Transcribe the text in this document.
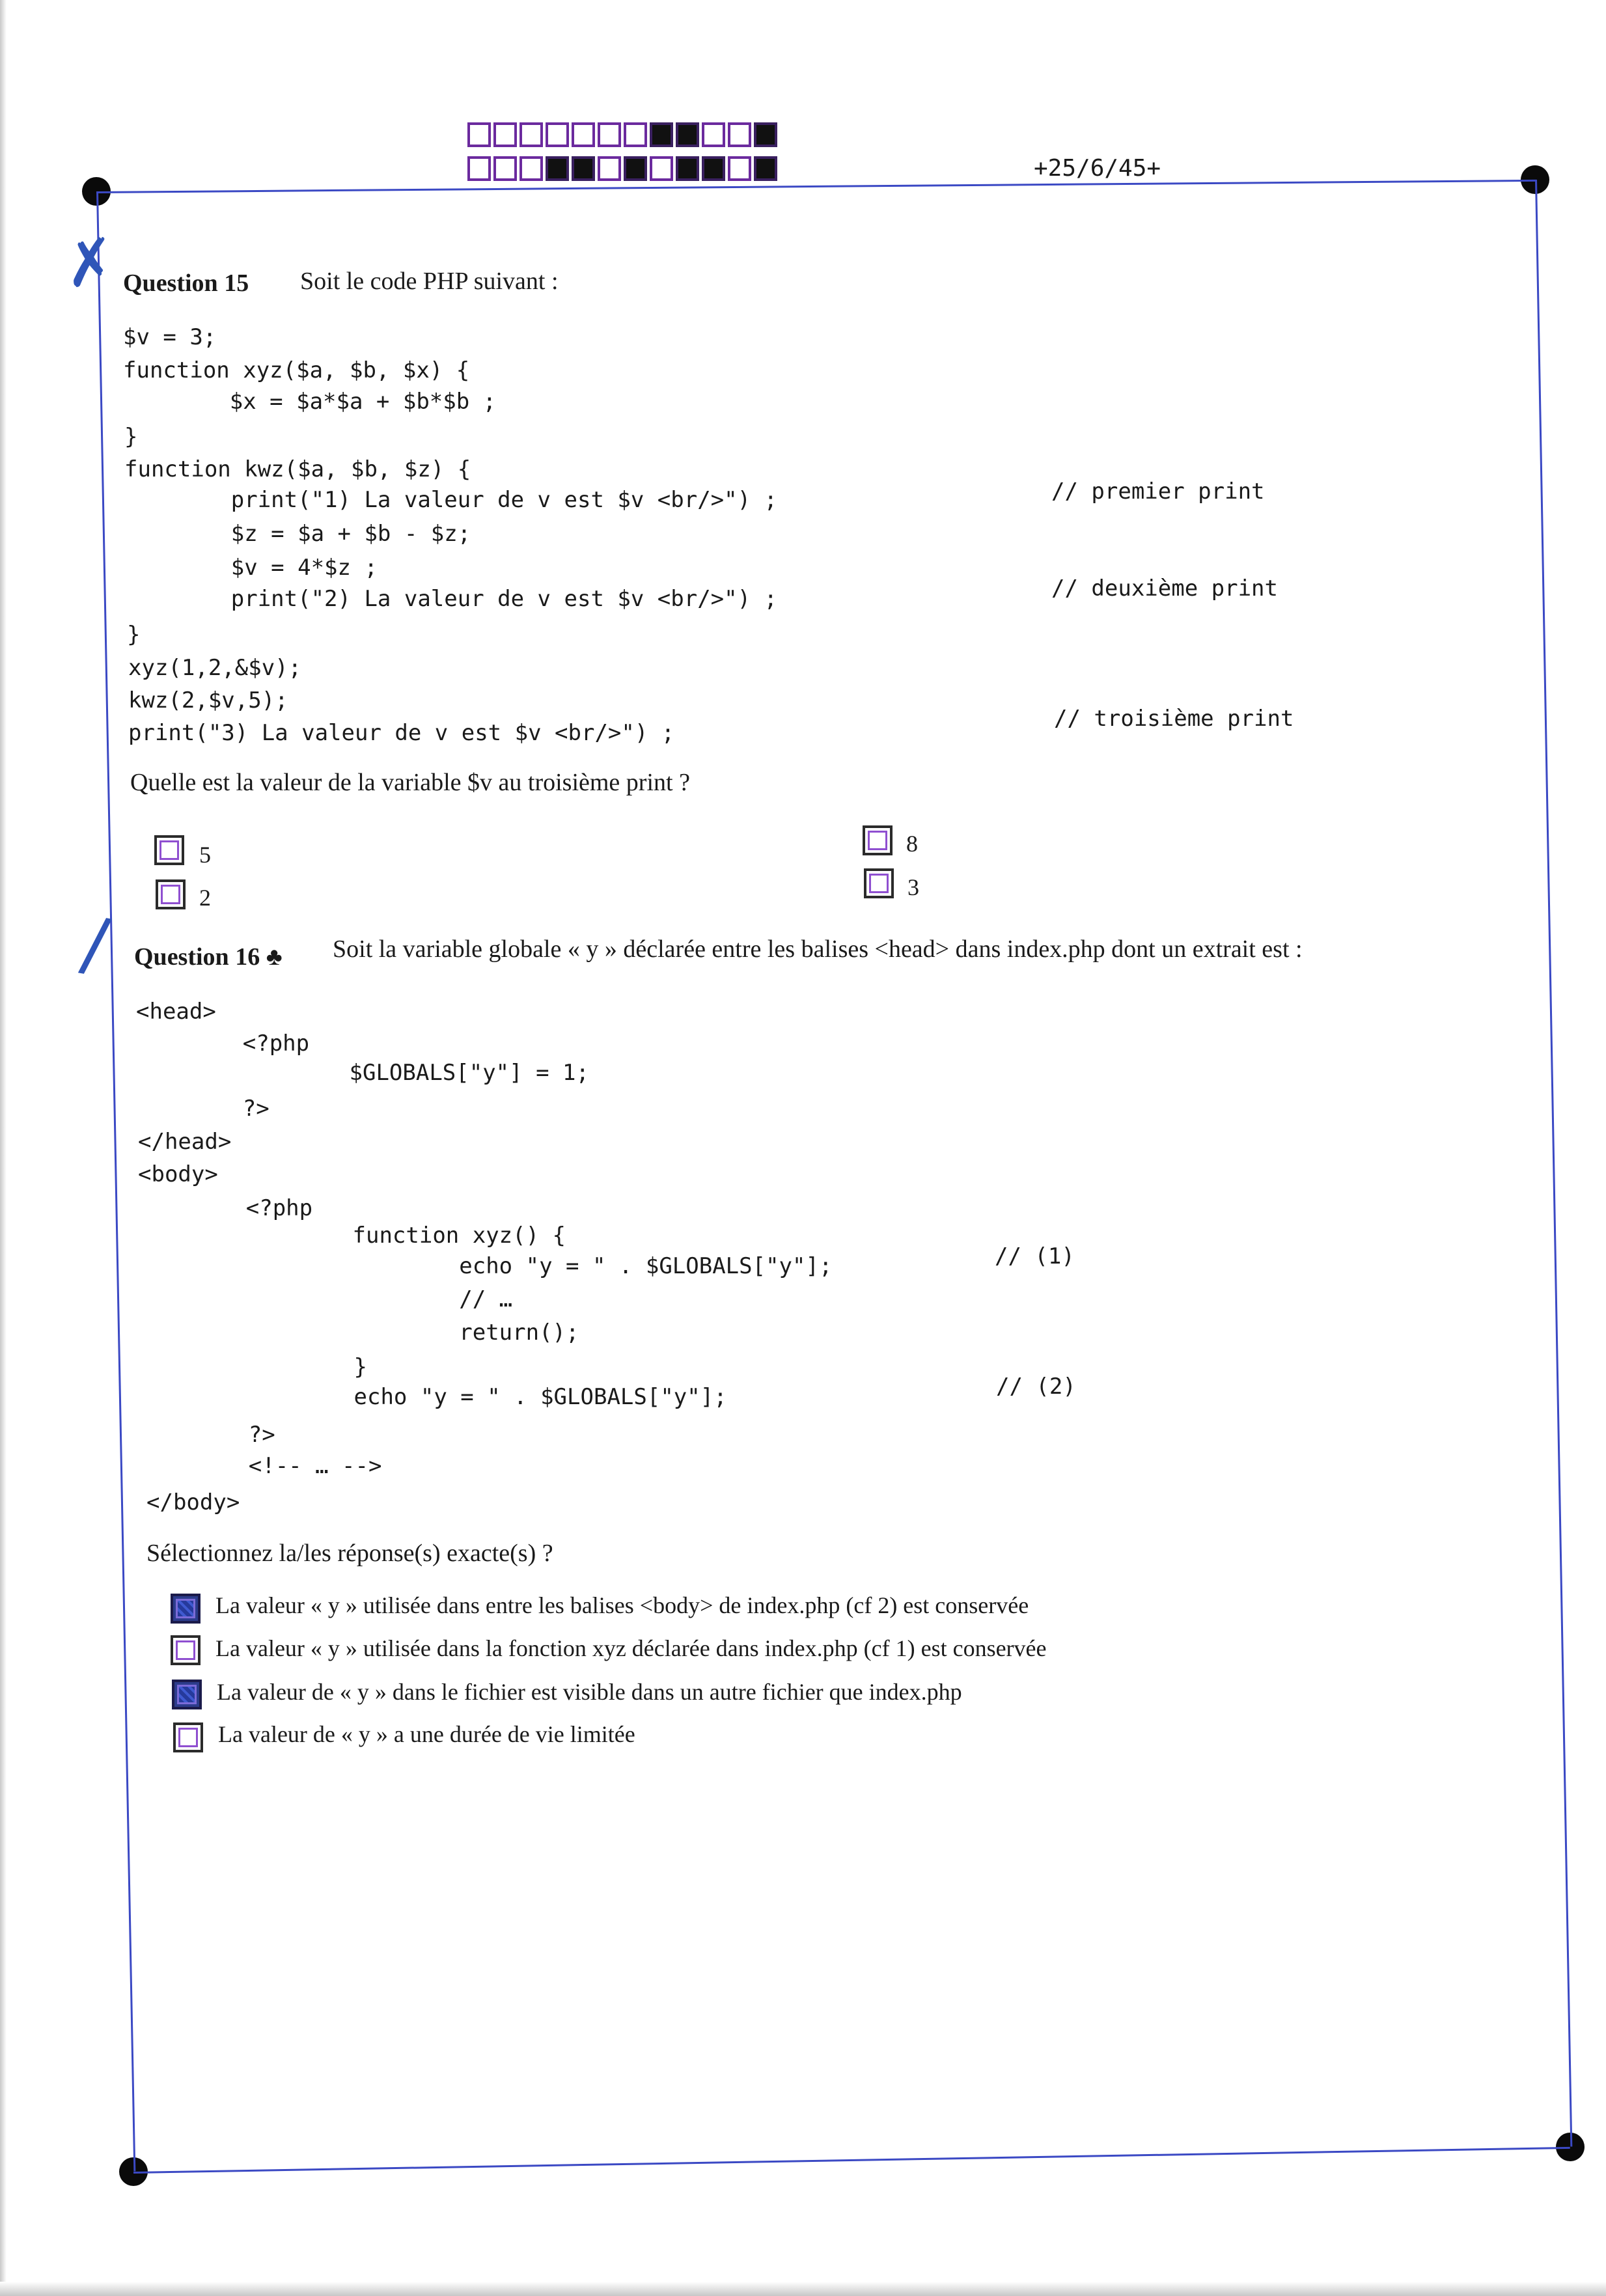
+25/6/45+
✗
/
Question 15 Soit le code PHP suivant :
$v = 3;
function xyz($a, $b, $x) {
$x = $a*$a + $b*$b ;
}
function kwz($a, $b, $z) {
print("1) La valeur de v est $v <br/>") ;
$z = $a + $b - $z;
$v = 4*$z ;
print("2) La valeur de v est $v <br/>") ;
}
xyz(1,2,&$v);
kwz(2,$v,5);
print("3) La valeur de v est $v <br/>") ;
// premier print
// deuxième print
// troisième print
Quelle est la valeur de la variable $v au troisième print ?
5
2
8
3
Question 16 ♣ Soit la variable globale « y » déclarée entre les balises <head> dans index.php dont un extrait est :
<head>
<?php
$GLOBALS["y"] = 1;
?>
</head>
<body>
<?php
function xyz() {
echo "y = " . $GLOBALS["y"];
// …
return();
}
echo "y = " . $GLOBALS["y"];
?>
<!-- … -->
</body>
// (1)
// (2)
Sélectionnez la/les réponse(s) exacte(s) ?
La valeur « y » utilisée dans entre les balises <body> de index.php (cf 2) est conservée
La valeur « y » utilisée dans la fonction xyz déclarée dans index.php (cf 1) est conservée
La valeur de « y » dans le fichier est visible dans un autre fichier que index.php
La valeur de « y » a une durée de vie limitée
